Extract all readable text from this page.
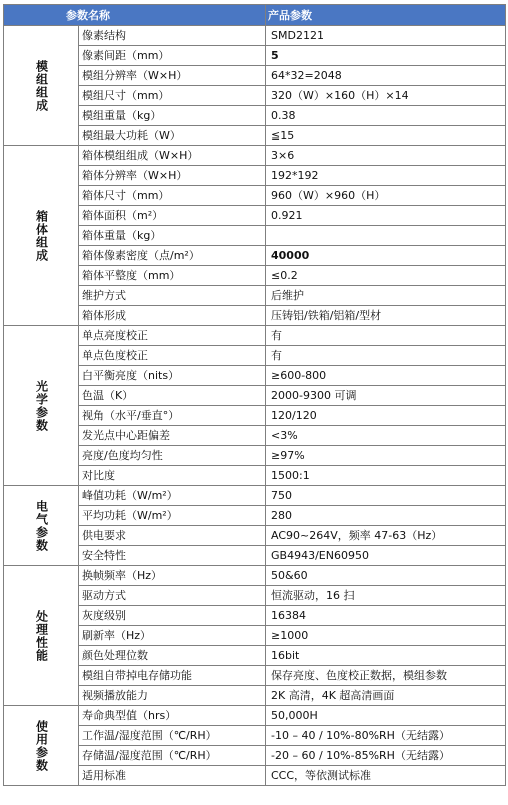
参数名称		产品参数
模组组成	像素结构	SMD2121
	像素间距（mm）	5
	模组分辨率（W×H）	64*32=2048
	模组尺寸（mm）	320（W）×160（H）×14
	模组重量（kg）	0.38
	模组最大功耗（W）	≦15
箱体组成	箱体模组组成（W×H）	3×6
	箱体分辨率（W×H）	192*192
	箱体尺寸（mm）	960（W）×960（H）
	箱体面积（m²）	0.921
	箱体重量（kg）	
	箱体像素密度（点/m²）	40000
	箱体平整度（mm）	≤0.2
	维护方式	后维护
	箱体形成	压铸铝/铁箱/铝箱/型材
光学参数	单点亮度校正	有
	单点色度校正	有
	白平衡亮度（nits）	≥600-800
	色温（K）	2000-9300 可调
	视角（水平/垂直°）	120/120
	发光点中心距偏差	<3%
	亮度/色度均匀性	≥97%
	对比度	1500:1
电气参数	峰值功耗（W/m²）	750
	平均功耗（W/m²）	280
	供电要求	AC90~264V，频率 47-63（Hz）
	安全特性	GB4943/EN60950
处理性能	换帧频率（Hz）	50&60
	驱动方式	恒流驱动，16 扫
	灰度级别	16384
	刷新率（Hz）	≥1000
	颜色处理位数	16bit
	模组自带掉电存储功能	保存亮度、色度校正数据，模组参数
	视频播放能力	2K 高清，4K 超高清画面
使用参数	寿命典型值（hrs）	50,000H
	工作温/湿度范围（℃/RH）	-10 – 40 / 10%-80%RH（无结露）
	存储温/湿度范围（℃/RH）	-20 – 60 / 10%-85%RH（无结露）
	适用标准	CCC，等依测试标准
